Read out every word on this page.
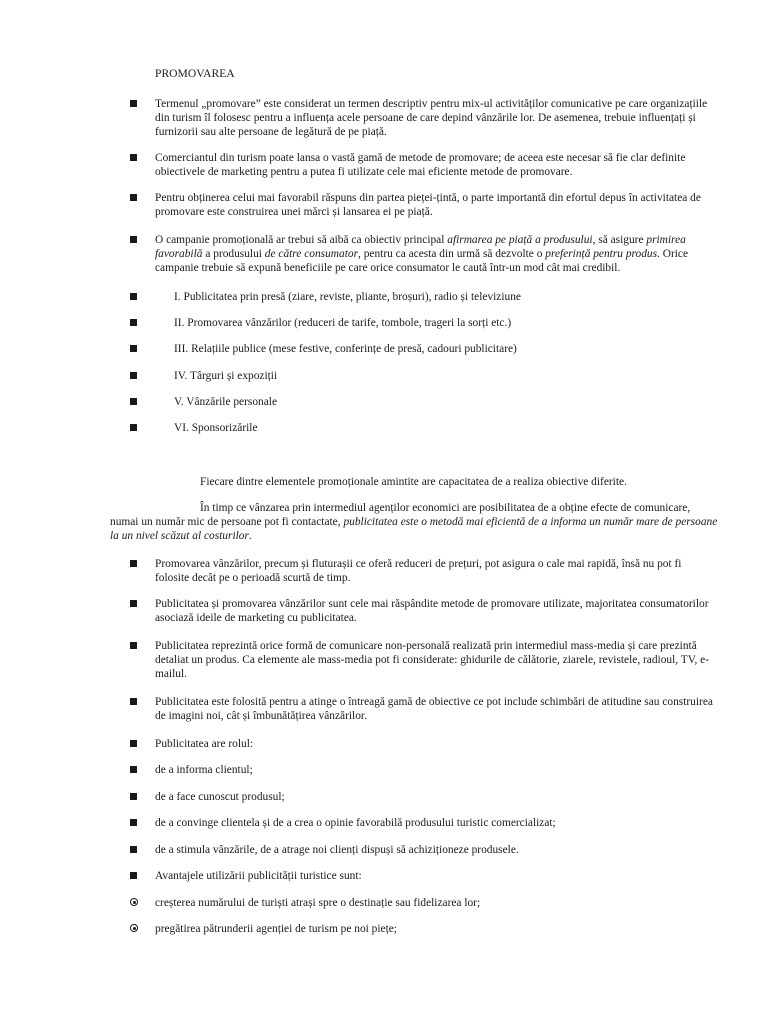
PROMOVAREA
Termenul „promovare” este considerat un termen descriptiv pentru mix-ul activităților comunicative pe care organizațiile din turism îl folosesc pentru a influența acele persoane de care depind vânzările lor. De asemenea, trebuie influențați și furnizorii sau alte persoane de legătură de pe piață.
Comerciantul din turism poate lansa o vastă gamă de metode de promovare; de aceea este necesar să fie clar definite obiectivele de marketing pentru a putea fi utilizate cele mai eficiente metode de promovare.
Pentru obținerea celui mai favorabil răspuns din partea pieței-țintă, o parte importantă din efortul depus în activitatea de promovare este construirea unei mărci și lansarea ei pe piață.
O campanie promoțională ar trebui să aibă ca obiectiv principal afirmarea pe piață a produsului, să asigure primirea favorabilă a produsului de către consumator, pentru ca acesta din urmă să dezvolte o preferință pentru produs. Orice campanie trebuie să expună beneficiile pe care orice consumator le caută într-un mod cât mai credibil.
I. Publicitatea prin presă (ziare, reviste, pliante, broșuri), radio și televiziune
II. Promovarea vânzărilor (reduceri de tarife, tombole, trageri la sorți etc.)
III. Relațiile publice (mese festive, conferințe de presă, cadouri publicitare)
IV. Târguri și expoziții
V. Vânzările personale
VI. Sponsorizările
Fiecare dintre elementele promoționale amintite are capacitatea de a realiza obiective diferite.
În timp ce vânzarea prin intermediul agenților economici are posibilitatea de a obține efecte de comunicare,
numai un număr mic de persoane pot fi contactate, publicitatea este o metodă mai eficientă de a informa un număr mare de persoane la un nivel scăzut al costurilor.
Promovarea vânzărilor, precum și fluturașii ce oferă reduceri de prețuri, pot asigura o cale mai rapidă, însă nu pot fi folosite decât pe o perioadă scurtă de timp.
Publicitatea și promovarea vânzărilor sunt cele mai răspândite metode de promovare utilizate, majoritatea consumatorilor asociază ideile de marketing cu publicitatea.
Publicitatea reprezintă orice formă de comunicare non-personală realizată prin intermediul mass-media și care prezintă detaliat un produs. Ca elemente ale mass-media pot fi considerate: ghidurile de călătorie, ziarele, revistele, radioul, TV, e-mailul.
Publicitatea este folosită pentru a atinge o întreagă gamă de obiective ce pot include schimbări de atitudine sau construirea de imagini noi, cât și îmbunătățirea vânzărilor.
Publicitatea are rolul:
de a informa clientul;
de a face cunoscut produsul;
de a convinge clientela și de a crea o opinie favorabilă produsului turistic comercializat;
de a stimula vânzările, de a atrage noi clienți dispuși să achiziționeze produsele.
Avantajele utilizării publicității turistice sunt:
creșterea numărului de turiști atrași spre o destinație sau fidelizarea lor;
pregătirea pătrunderii agenției de turism pe noi piețe;
